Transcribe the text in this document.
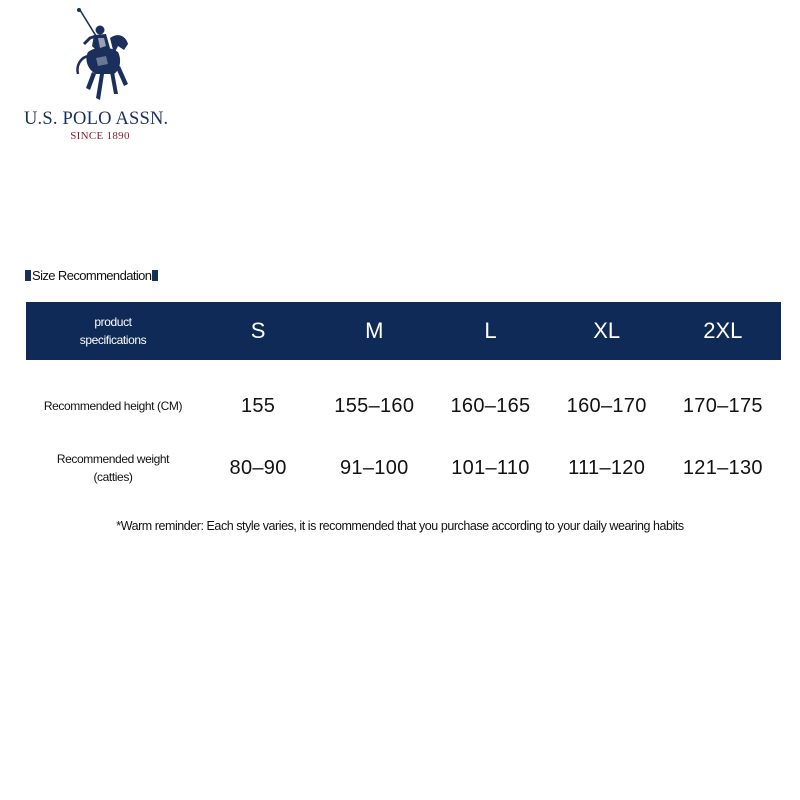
U.S. POLO ASSN.
SINCE 1890
Size Recommendation
product
specifications	S	M	L	XL	2XL
Recommended height (CM)	155	155–160	160–165	160–170	170–175
Recommended weight
(catties)	80–90	91–100	101–110	111–120	121–130
*Warm reminder: Each style varies, it is recommended that you purchase according to your daily wearing habits
